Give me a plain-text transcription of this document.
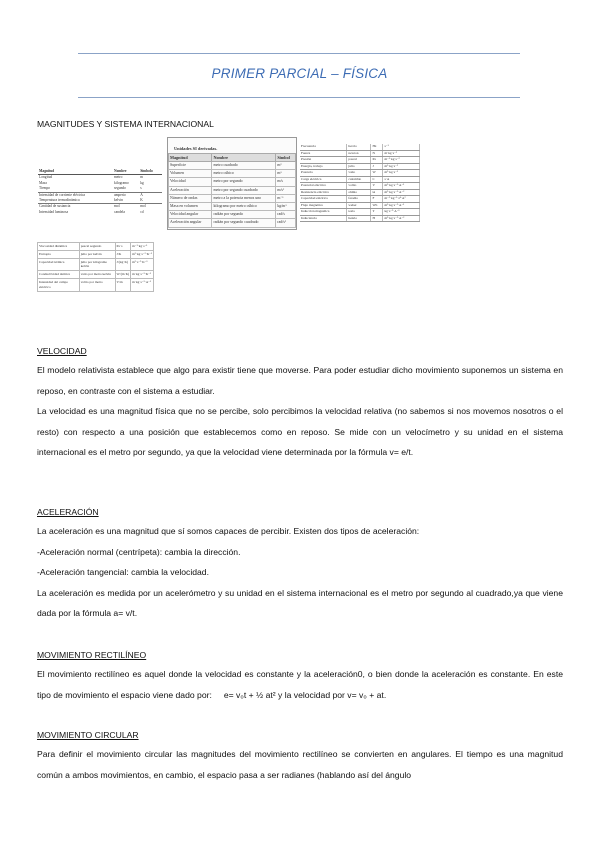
PRIMER PARCIAL – FÍSICA
MAGNITUDES Y SISTEMA INTERNACIONAL
Magnitud	Nombre	Símbolo
Longitud	metro	m
Masa	kilogramo	kg
Tiempo	segundo	s
Intensidad de corriente eléctrica	amperio	A
Temperatura termodinámica	kelvin	K
Cantidad de sustancia	mol	mol
Intensidad luminosa	candela	cd
Unidades SI derivadas.
Magnitud	Nombre	Símbol
Superficie	metro cuadrado	m²
Volumen	metro cúbico	m³
Velocidad	metro por segundo	m/s
Aceleración	metro por segundo cuadrado	m/s²
Número de ondas	metro a la potencia menos uno	m⁻¹
Masa en volumen	kilogramo por metro cúbico	kg/m³
Velocidad angular	radián por segundo	rad/s
Aceleración angular	radián por segundo cuadrado	rad/s²
Frecuencia	hercio	Hz	s⁻¹
Fuerza	newton	N	m·kg·s⁻²
Presión	pascal	Pa	m⁻¹·kg·s⁻²
Energía, trabajo	julio	J	m²·kg·s⁻²
Potencia	vatio	W	m²·kg·s⁻³
Carga eléctrica	culombio	C	s·A
Potencial eléctrico	voltio	V	m²·kg·s⁻³·A⁻¹
Resistencia eléctrica	ohmio	Ω	m²·kg·s⁻³·A⁻²
Capacidad eléctrica	faradio	F	m⁻²·kg⁻¹·s⁴·A²
Flujo magnético	weber	Wb	m²·kg·s⁻²·A⁻¹
Inducción magnética	tesla	T	kg·s⁻²·A⁻¹
Inductancia	henrio	H	m²·kg·s⁻²·A⁻²
Viscosidad dinámica	pascal segundo	Pa·s	m⁻¹·kg·s⁻¹
Entropía	julio por kelvin	J/K	m²·kg·s⁻²·K⁻¹
Capacidad térmica	julio por kilogramo kelvin	J/(kg·K)	m²·s⁻²·K⁻¹
Conductividad térmica	vatio por metro kelvin	W/(m·K)	m·kg·s⁻³·K⁻¹
Intensidad del campo eléctrico	voltio por metro	V/m	m·kg·s⁻³·A⁻¹
VELOCIDAD

El modelo relativista establece que algo para existir tiene que moverse. Para poder estudiar dicho movimiento suponemos un sistema en reposo, en contraste con el sistema a estudiar.

La velocidad es una magnitud física que no se percibe, solo percibimos la velocidad relativa (no sabemos si nos movemos nosotros o el resto) con respecto a una posición que establecemos como en reposo. Se mide con un velocímetro y su unidad en el sistema internacional es el metro por segundo, ya que la velocidad viene determinada por la fórmula v= e/t.

ACELERACIÓN

La aceleración es una magnitud que sí somos capaces de percibir. Existen dos tipos de aceleración:

-Aceleración normal (centrípeta): cambia la dirección.

-Aceleración tangencial: cambia la velocidad.

La aceleración es medida por un acelerómetro y su unidad en el sistema internacional es el metro por segundo al cuadrado,ya que viene dada por la fórmula a= v/t.

MOVIMIENTO RECTILÍNEO

El movimiento rectilíneo es aquel donde la velocidad es constante y la aceleración0, o bien donde la aceleración es constante. En este tipo de movimiento el espacio viene dado por: e= v₀t + ½ at² y la velocidad por v= v₀ + at.

MOVIMIENTO CIRCULAR

Para definir el movimiento circular las magnitudes del movimiento rectilíneo se convierten en angulares. El tiempo es una magnitud común a ambos movimientos, en cambio, el espacio pasa a ser radianes (hablando así del ángulo
